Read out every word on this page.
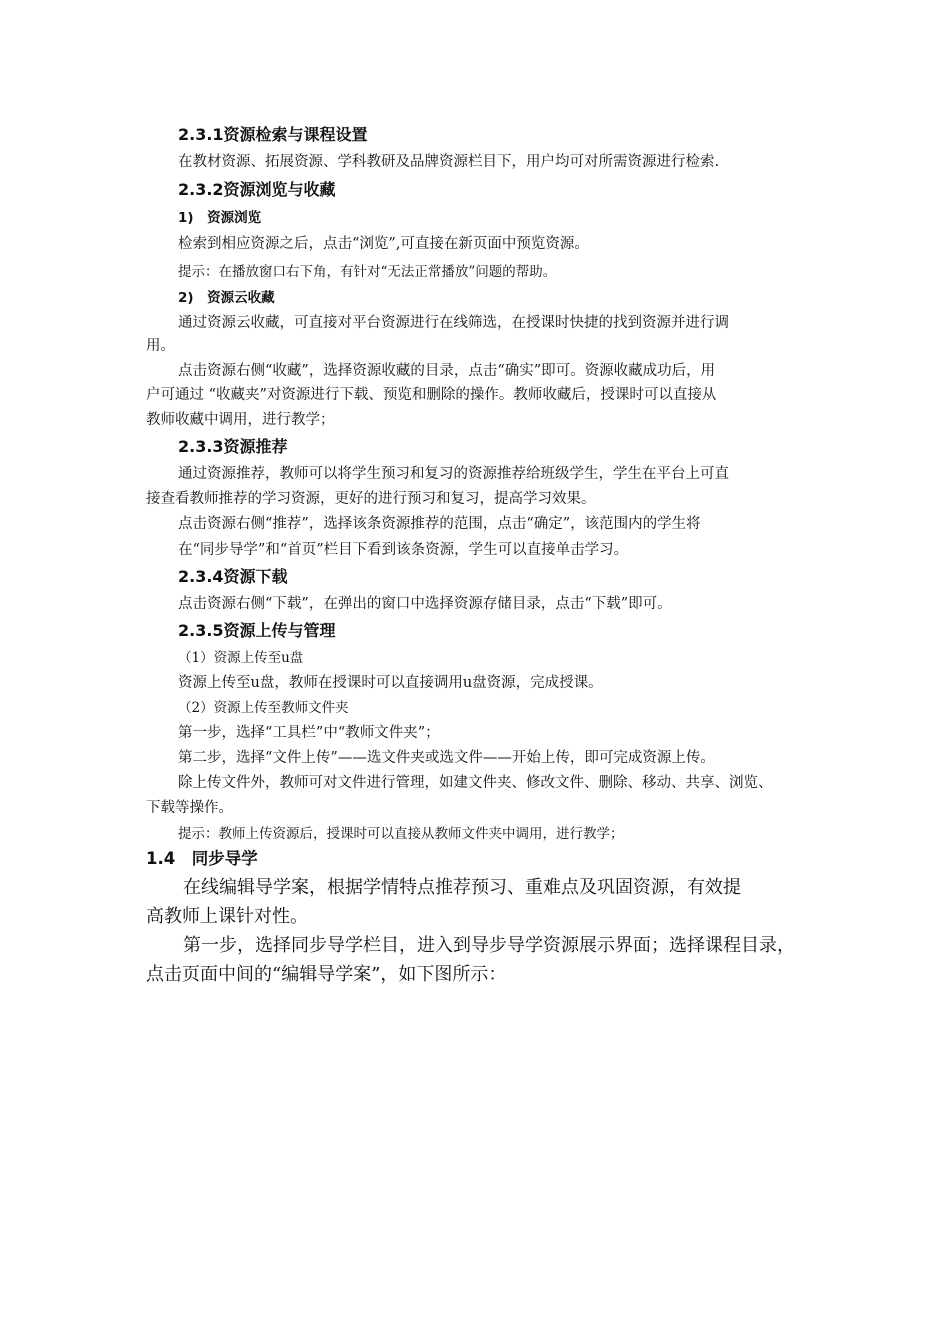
2.3.1资源检索与课程设置
在教材资源、拓展资源、学科教研及品牌资源栏目下，用户均可对所需资源进行检索.
2.3.2资源浏览与收藏
1)　资源浏览
检索到相应资源之后，点击“浏览”,可直接在新页面中预览资源。
提示：在播放窗口右下角，有针对“无法正常播放”问题的帮助。
2)　资源云收藏
通过资源云收藏，可直接对平台资源进行在线筛选，在授课时快捷的找到资源并进行调
用。
点击资源右侧“收藏”，选择资源收藏的目录，点击“确实”即可。资源收藏成功后，用
户可通过 “收藏夹”对资源进行下载、预览和删除的操作。教师收藏后，授课时可以直接从
教师收藏中调用，进行教学；
2.3.3资源推荐
通过资源推荐，教师可以将学生预习和复习的资源推荐给班级学生，学生在平台上可直
接查看教师推荐的学习资源，更好的进行预习和复习，提高学习效果。
点击资源右侧“推荐”，选择该条资源推荐的范围，点击“确定”，该范围内的学生将
在“同步导学”和“首页”栏目下看到该条资源，学生可以直接单击学习。
2.3.4资源下载
点击资源右侧“下载”，在弹出的窗口中选择资源存储目录，点击“下载”即可。
2.3.5资源上传与管理
（1）资源上传至u盘
资源上传至u盘，教师在授课时可以直接调用u盘资源，完成授课。
（2）资源上传至教师文件夹
第一步，选择“工具栏”中“教师文件夹”；
第二步，选择“文件上传”——选文件夹或选文件——开始上传，即可完成资源上传。
除上传文件外，教师可对文件进行管理，如建文件夹、修改文件、删除、移动、共享、浏览、
下载等操作。
提示：教师上传资源后，授课时可以直接从教师文件夹中调用，进行教学；
1.4　同步导学
在线编辑导学案，根据学情特点推荐预习、重难点及巩固资源，有效提
高教师上课针对性。
第一步，选择同步导学栏目，进入到导步导学资源展示界面；选择课程目录，
点击页面中间的“编辑导学案”，如下图所示：
